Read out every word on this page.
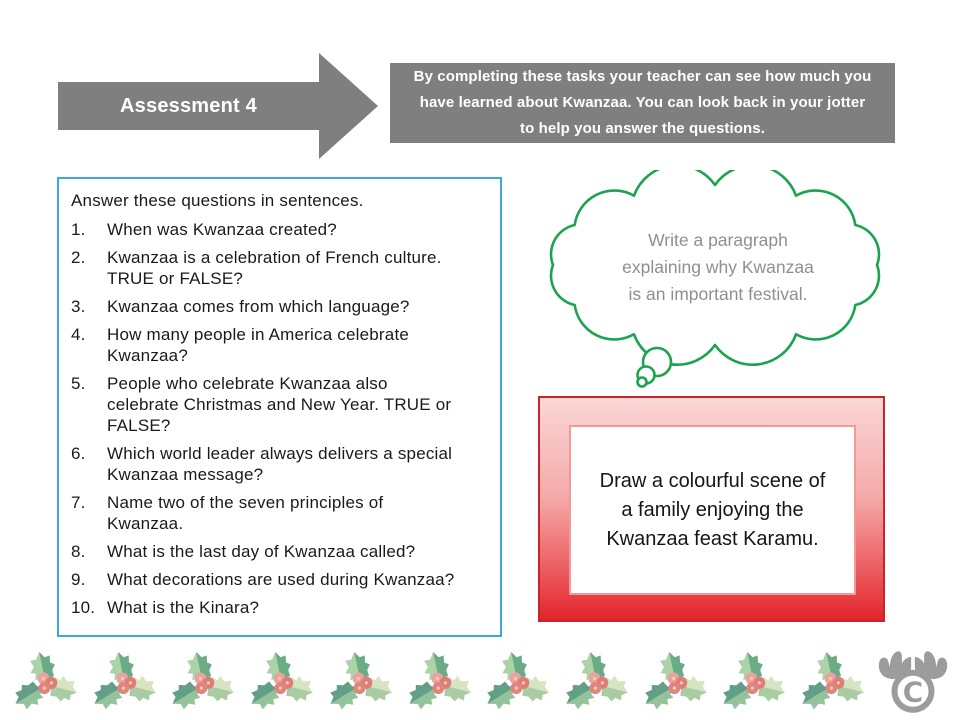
Assessment 4
By completing these tasks your teacher can see how much you
have learned about Kwanzaa. You can look back in your jotter
to help you answer the questions.
Answer these questions in sentences.
1.	When was Kwanzaa created?
2.	Kwanzaa is a celebration of French culture.
TRUE or FALSE?
3.	Kwanzaa comes from which language?
4.	How many people in America celebrate
Kwanzaa?
5.	People who celebrate Kwanzaa also
celebrate Christmas and New Year. TRUE or
FALSE?
6.	Which world leader always delivers a special
Kwanzaa message?
7.	Name two of the seven principles of
Kwanzaa.
8.	What is the last day of Kwanzaa called?
9.	What decorations are used during Kwanzaa?
10. What is the Kinara?
Write a paragraph
explaining why Kwanzaa
is an important festival.
Draw a colourful scene of
a family enjoying the
Kwanzaa feast Karamu.
C
